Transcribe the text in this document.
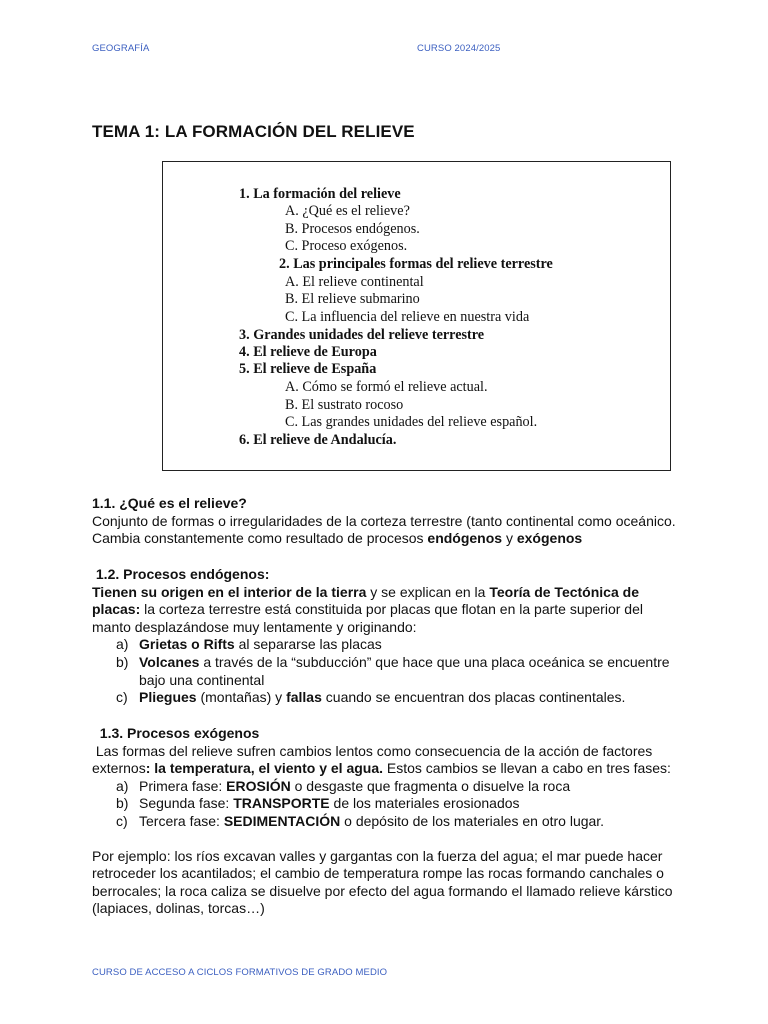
GEOGRAFÍA	CURSO 2024/2025
TEMA 1: LA FORMACIÓN DEL RELIEVE
1. La formación del relieve
A. ¿Qué es el relieve?
B. Procesos endógenos.
C. Proceso exógenos.
2. Las principales formas del relieve terrestre
A. El relieve continental
B. El relieve submarino
C. La influencia del relieve en nuestra vida
3. Grandes unidades del relieve terrestre
4. El relieve de Europa
5. El relieve de España
A. Cómo se formó el relieve actual.
B. El sustrato rocoso
C. Las grandes unidades del relieve español.
6. El relieve de Andalucía.

1.1. ¿Qué es el relieve?

Conjunto de formas o irregularidades de la corteza terrestre (tanto continental como oceánico. Cambia constantemente como resultado de procesos endógenos y exógenos

1.2. Procesos endógenos:

Tienen su origen en el interior de la tierra y se explican en la Teoría de Tectónica de placas: la corteza terrestre está constituida por placas que flotan en la parte superior del manto desplazándose muy lentamente y originando:

a) Grietas o Rifts al separarse las placas
b) Volcanes a través de la “subducción” que hace que una placa oceánica se encuentre bajo una continental
c) Pliegues (montañas) y fallas cuando se encuentran dos placas continentales.

1.3. Procesos exógenos

Las formas del relieve sufren cambios lentos como consecuencia de la acción de factores externos: la temperatura, el viento y el agua. Estos cambios se llevan a cabo en tres fases:

a) Primera fase: EROSIÓN o desgaste que fragmenta o disuelve la roca
b) Segunda fase: TRANSPORTE de los materiales erosionados
c) Tercera fase: SEDIMENTACIÓN o depósito de los materiales en otro lugar.

Por ejemplo: los ríos excavan valles y gargantas con la fuerza del agua; el mar puede hacer retroceder los acantilados; el cambio de temperatura rompe las rocas formando canchales o berrocales; la roca caliza se disuelve por efecto del agua formando el llamado relieve kárstico (lapiaces, dolinas, torcas…)

CURSO DE ACCESO A CICLOS FORMATIVOS DE GRADO MEDIO
